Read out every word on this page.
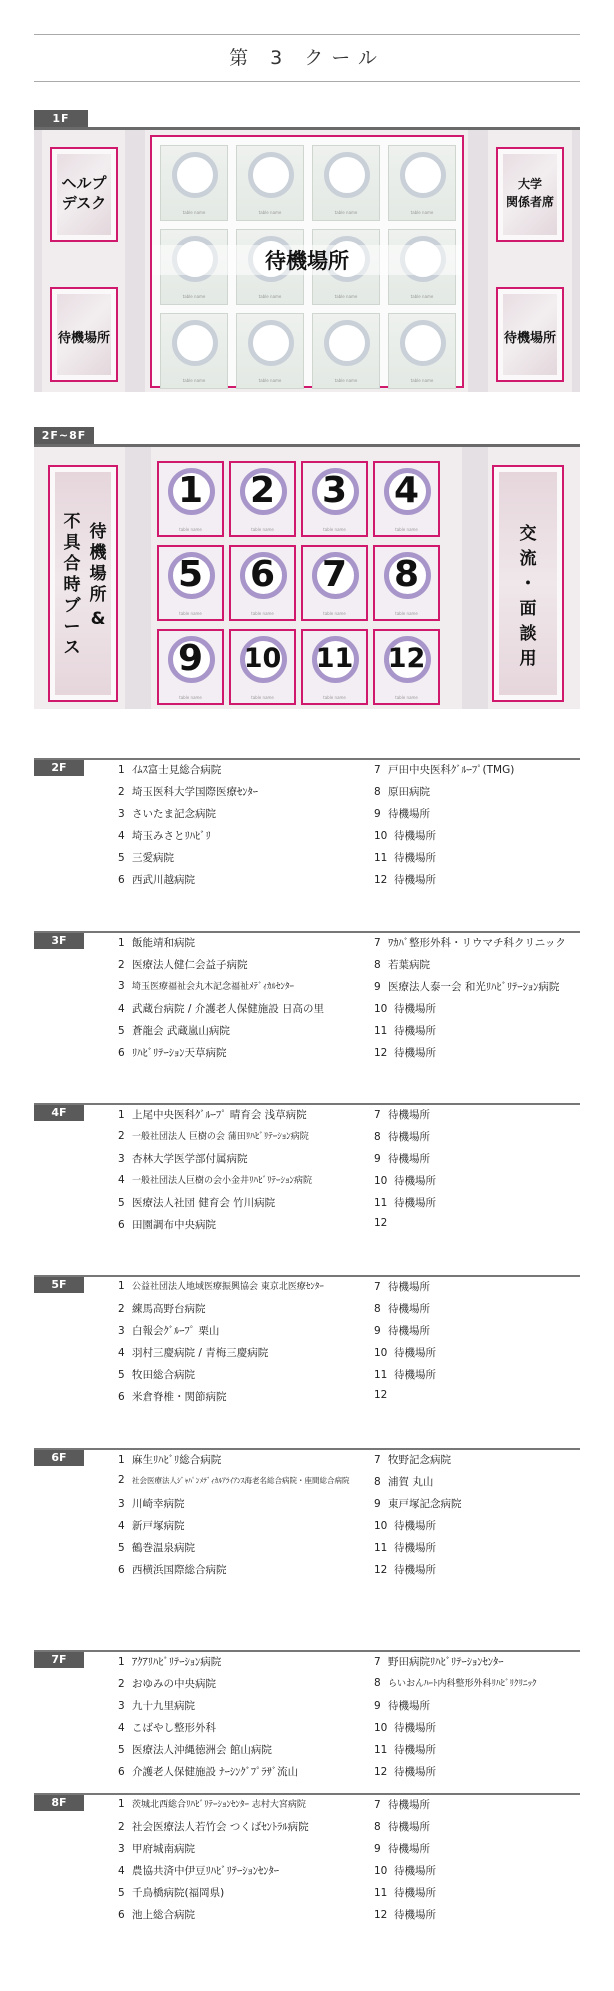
第 3 クール
1F
ヘルプ
デスク
待機場所
大学
関係者席
待機場所
待機場所
table name	table name	table name	table name
table name	table name	table name	table name
table name	table name	table name	table name
2F~8F
待
機
場
所
不
具
合
時
ブ
ー
ス
&
交
流
・
面
談
用
1
table name
2
table name
3
table name
4
table name
5
table name
6
table name
7
table name
8
table name
9
table name
10
table name
11
table name
12
table name
2F	1 ｲﾑｽ富士見総合病院
2 埼玉医科大学国際医療ｾﾝﾀｰ
3 さいたま記念病院
4 埼玉みさとﾘﾊﾋﾞﾘ
5 三愛病院
6 西武川越病院
7 戸田中央医科ｸﾞﾙｰﾌﾟ(TMG)
8 原田病院
9 待機場所
10 待機場所
11 待機場所
12 待機場所
3F	1 飯能靖和病院
2 医療法人健仁会益子病院
3 埼玉医療福祉会丸木記念福祉ﾒﾃﾞｨｶﾙｾﾝﾀｰ
4 武蔵台病院 / 介護老人保健施設 日高の里
5 蒼龍会 武蔵嵐山病院
6 ﾘﾊﾋﾞﾘﾃｰｼｮﾝ天草病院
7 ﾜｶﾊﾞ整形外科・リウマチ科クリニック
8 若葉病院
9 医療法人泰一会 和光ﾘﾊﾋﾞﾘﾃｰｼｮﾝ病院
10 待機場所
11 待機場所
12 待機場所
4F	1 上尾中央医科ｸﾞﾙｰﾌﾟ 晴育会 浅草病院
2 一般社団法人 巨樹の会 蒲田ﾘﾊﾋﾞﾘﾃｰｼｮﾝ病院
3 杏林大学医学部付属病院
4 一般社団法人巨樹の会小金井ﾘﾊﾋﾞﾘﾃｰｼｮﾝ病院
5 医療法人社団 健育会 竹川病院
6 田園調布中央病院
7 待機場所
8 待機場所
9 待機場所
10 待機場所
11 待機場所
12
5F	1 公益社団法人地域医療振興協会 東京北医療ｾﾝﾀｰ
2 練馬高野台病院
3 白報会ｸﾞﾙｰﾌﾟ 栗山
4 羽村三慶病院 / 青梅三慶病院
5 牧田総合病院
6 米倉脊椎・関節病院
7 待機場所
8 待機場所
9 待機場所
10 待機場所
11 待機場所
12
6F	1 麻生ﾘﾊﾋﾞﾘ総合病院
2 社会医療法人ｼﾞｬﾊﾟﾝﾒﾃﾞｨｶﾙｱﾗｲｱﾝｽ海老名総合病院・座間総合病院
3 川崎幸病院
4 新戸塚病院
5 鶴巻温泉病院
6 西横浜国際総合病院
7 牧野記念病院
8 浦賀 丸山
9 東戸塚記念病院
10 待機場所
11 待機場所
12 待機場所
7F	1 ｱｸｱﾘﾊﾋﾞﾘﾃｰｼｮﾝ病院
2 おゆみの中央病院
3 九十九里病院
4 こばやし整形外科
5 医療法人沖縄徳洲会 館山病院
6 介護老人保健施設 ﾅｰｼﾝｸﾞﾌﾟﾗｻﾞ流山
7 野田病院ﾘﾊﾋﾞﾘﾃｰｼｮﾝｾﾝﾀｰ
8 らいおんﾊｰﾄ内科整形外科ﾘﾊﾋﾞﾘｸﾘﾆｯｸ
9 待機場所
10 待機場所
11 待機場所
12 待機場所
8F	1 茨城北西総合ﾘﾊﾋﾞﾘﾃｰｼｮﾝｾﾝﾀｰ 志村大宮病院
2 社会医療法人若竹会 つくばｾﾝﾄﾗﾙ病院
3 甲府城南病院
4 農協共済中伊豆ﾘﾊﾋﾞﾘﾃｰｼｮﾝｾﾝﾀｰ
5 千鳥橋病院(福岡県)
6 池上総合病院
7 待機場所
8 待機場所
9 待機場所
10 待機場所
11 待機場所
12 待機場所
